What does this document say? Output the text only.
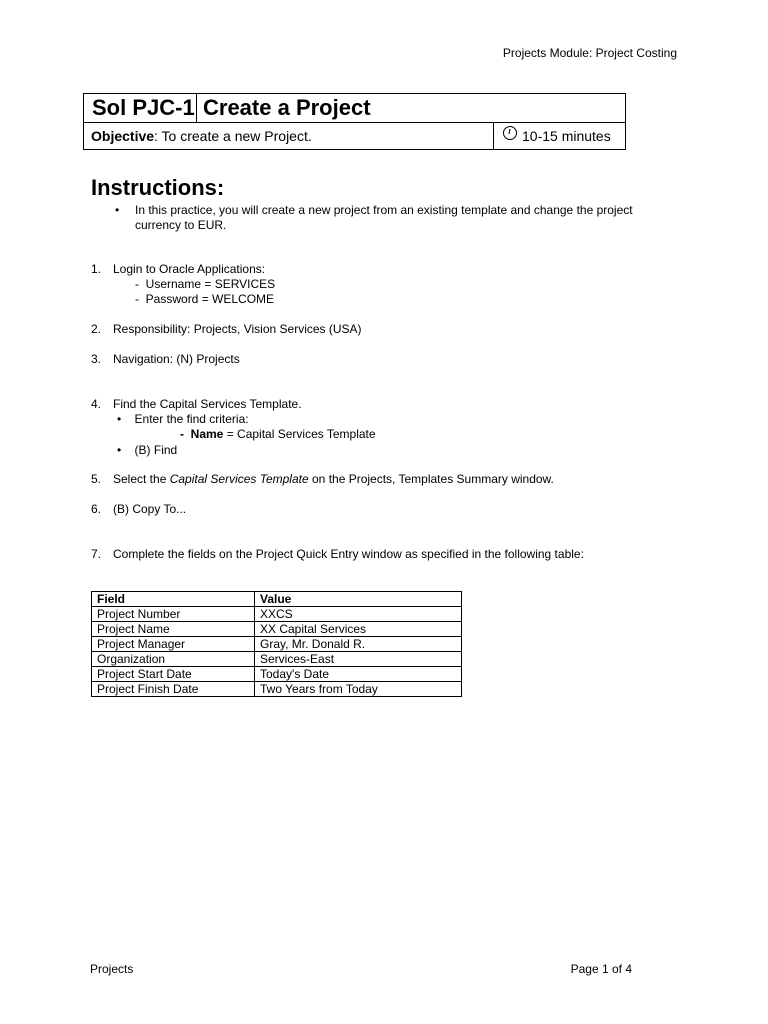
Projects Module: Project Costing
Sol PJC-1 Create a Project
Objective: To create a new Project.	10-15 minutes
Instructions:
• In this practice, you will create a new project from an existing template and change the project currency to EUR.
1. Login to Oracle Applications:
-  Username = SERVICES
-  Password = WELCOME
2. Responsibility: Projects, Vision Services (USA)
3. Navigation: (N) Projects
4. Find the Capital Services Template.
•    Enter the find criteria:
-  Name = Capital Services Template
•    (B) Find
5. Select the Capital Services Template on the Projects, Templates Summary window.
6. (B) Copy To...
7. Complete the fields on the Project Quick Entry window as specified in the following table:
Field	Value
Project Number	XXCS
Project Name	XX Capital Services
Project Manager	Gray, Mr. Donald R.
Organization	Services-East
Project Start Date	Today's Date
Project Finish Date	Two Years from Today
Projects	Page 1 of 4
